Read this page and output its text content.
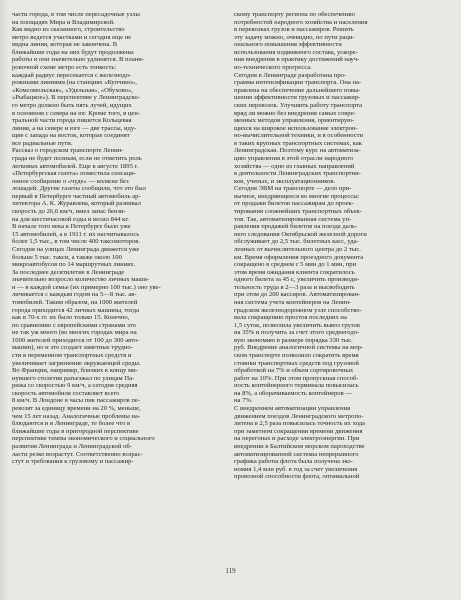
части города, в том числе пересадочные узлы
на площадях Мира и Владимирской.
Как видно из сказанного, строительство
метро ведется участками и сегодня еще не
видна линия, которая не закончена. В
ближайшие годы на них будут продолжены
работы и они значительно удлинятся. В плани-
ровочной схеме метро есть тонкость:
каждый радиус пересекается с железнодо-
рожными линиями (на станциях «Купчино»,
«Комсомольская», «Удельная», «Обухово»,
«Рыбацкое»). В перспективе у Ленинградско-
го метро должно быть пять лучей, идущих
в основном с севера на юг. Кроме того, в цен-
тральной части города пишется Кольцевая
линия, а на севере и юге — две трассы, иду-
щие с запада на восток, которые соединят
все радиальные пути.
Рассказ о городском транспорте Ленин-
града не будет полным, если не отметить роль
легковых автомобилей. Еще в августе 1895 г.
«Петербургская газета» поместила сенсаци-
онное сообщение о «чуде» — коляске без
лошадей. Другие газеты сообщили, что это был
первый в Петербурге частный автомобиль ар-
хитектора А. К. Журавлева, который развивал
скорость до 26,6 км/ч, имел запас бензи-
на для шестичасовой езды и весил 844 кг.
В начале того века в Петербурге было уже
15 автомобилей, а в 1911 г. их насчитывалось
более 1,5 тыс., в том числе 400 таксомоторов.
Сегодня на улицах Ленинграда движется уже
больше 5 тыс. такси, а также около 100
микроавтобусов по 14 маршрутных линиях.
За последнее десятилетие в Ленинграде
значительно возросло количество личных маши-
н — в каждой семье (их примерно 100 тыс.) оно уве-
личивается с каждым годом на 5—8 тыс. ав-
томобилей. Таким образом, на 1000 жителей
города приходится 42 личных машины, тогда
как в 70-х гг. их было только 15. Конечно,
по сравнению с европейскими странами это
не так уж много (во многих городах мира на
1000 жителей приходится от 100 до 300 авто-
машин), но и это создает заметные трудно-
сти в переменном транспортных средств и
увеличивает загрязнение окружающей среды.
Во Франции, например, близких к концу ми-
нувшего столетия разъезжал по улицам Па-
рижа со скоростью 9 км/ч, а сегодня средняя
скорость автомобиля составляет всего
8 км/ч. В Лондоне в часы пик пассажиров пе-
ревозят за единицу времени на 20 %, меньше,
чем 15 лет назад. Аналогичные проблемы на-
блюдаются и в Ленинграде, те более что в
ближайшие годы в пригородной перспективе
перспективе темпы экономического и социального
развития Ленинграда и Ленинградской об-
ласти резко возрастут. Соответственно возрас-
стут и требования к грузовому и пассажир-
скому транспорту региона по обеспечению
потребностей народного хозяйства и населения
в перевозках грузов и пассажиров. Решить
эту задачу можно, очевидно, по пути раци-
онального повышения эффективности
использования подвижного состава, ускоре-
ния внедрения в практику достижений науч-
но-технического прогресса.
Сегодня в Ленинграде разработана про-
грамма интенсификации транспорта. Она на-
правлена на обеспечение дальнейшего повы-
шения эффективности грузовых и пассажир-
ских перевозок. Улучшить работу транспорта
вряд ли можно без внедрения самых совре-
менных методов управления, ориентирую-
щихся на широкое использование электрон-
но-вычислительной техники, и в особенности
в таких крупных транспортных системах, как
Ленинградская. Поэтому курс на автоматиза-
цию управления в этой отрасли народного
хозяйства — одно из главных направлений
в деятельности Ленинградских транспортни-
ков, ученых, и эксплуатационников.
Сегодня ЭВМ на транспорте — дело при-
вычное, внедряющееся во многие процессы:
от продажи билетов пассажирам до проек-
тирования сложнейших транспортных объек-
тов. Так, автоматизированная система уп-
равления продажей билетов на поезда даль-
него следования Октябрьской железной дороги
обслуживает до 2,5 тыс. билетных касс, уда-
ленных от вычислительного центра до 2 тыс.
км. Время оформления проездного документа
сокращено в среднем с 5 мин до 1 мин, при
этом время ожидания клиента сократилось
одного билета за 45 с, увеличить производи-
тельность труда в 2—3 раза и высвободить
при этом до 200 кассиров. Автоматизирован-
ная система учета контейнеров на Ленин-
градском железнодорожном узле способство-
вала сокращению простоя последних на
1,5 суток, позволила увеличить вывоз грузов
на 35% и получить за счет этого среднегодо-
вую экономию в размере порядка 330 тыс.
руб. Внедрение аналогичной системы на мор-
ском транспорте позволило сократить время
стоянки транспортных средств под грузовой
обработкой на 7% и объем сортировочных
работ на 10%. При этом пропускная способ-
ность контейнерного терминала повысилась
на 8%, а оборачиваемость контейнеров —
на 7%.
С внедрением автоматизации управления
движением поездов Ленинградского метропо-
литена в 2,5 раза повысилась точность их хода
при заметном сокращении времени движения
на перегонах и расходе электроэнергии. При
внедрении в Балтийском морском пароходстве
автоматизированной системы непрерывного
графика работы флота была получена эко-
номия 1,4 млн руб. в год за счет увеличения
провозной способности флота, оптимальной
119
